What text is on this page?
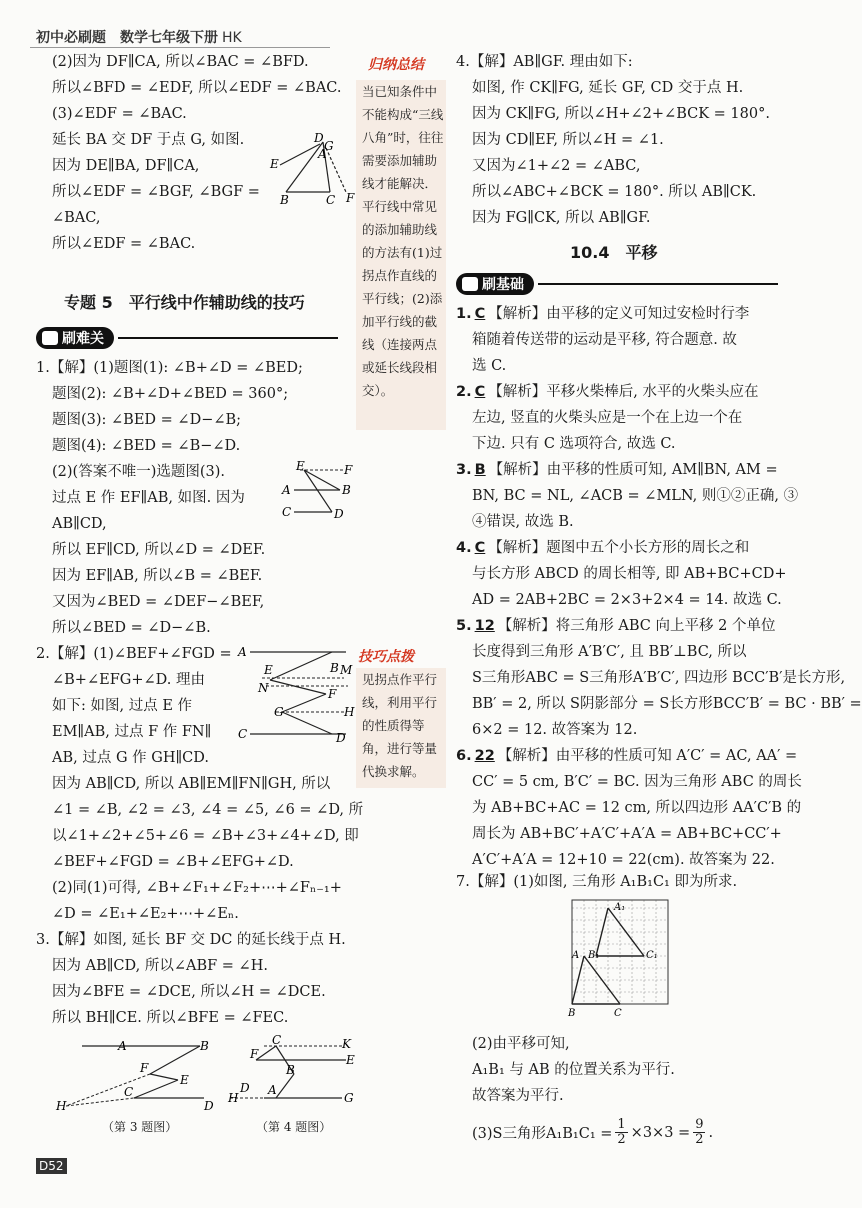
初中必刷题　数学七年级下册 HK
(2)因为 DF∥CA, 所以∠BAC = ∠BFD.
所以∠BFD = ∠EDF, 所以∠EDF = ∠BAC.
(3)∠EDF = ∠BAC.
延长 BA 交 DF 于点 G, 如图.
因为 DE∥BA, DF∥CA,
所以∠EDF = ∠BGF, ∠BGF =
∠BAC,
所以∠EDF = ∠BAC.
D
E
A
G
B	C F
专题 5　平行线中作辅助线的技巧
刷难关
1.【解】(1)题图(1): ∠B+∠D = ∠BED;
题图(2): ∠B+∠D+∠BED = 360°;
题图(3): ∠BED = ∠D−∠B;
题图(4): ∠BED = ∠B−∠D.
(2)(答案不唯一)选题图(3).
过点 E 作 EF∥AB, 如图. 因为
AB∥CD,
所以 EF∥CD, 所以∠D = ∠DEF.
因为 EF∥AB, 所以∠B = ∠BEF.
又因为∠BED = ∠DEF−∠BEF,
所以∠BED = ∠D−∠B.
E	F
A	B
C	D
2.【解】(1)∠BEF+∠FGD =
∠B+∠EFG+∠D. 理由
如下: 如图, 过点 E 作
EM∥AB, 过点 F 作 FN∥
AB, 过点 G 作 GH∥CD.
因为 AB∥CD, 所以 AB∥EM∥FN∥GH, 所以
∠1 = ∠B, ∠2 = ∠3, ∠4 = ∠5, ∠6 = ∠D, 所
以∠1+∠2+∠5+∠6 = ∠B+∠3+∠4+∠D, 即
∠BEF+∠FGD = ∠B+∠EFG+∠D.
(2)同(1)可得, ∠B+∠F₁+∠F₂+⋯+∠Fₙ₋₁+
∠D = ∠E₁+∠E₂+⋯+∠Eₙ.
A
B
E
N
M
F
G	H
C	D
3.【解】如图, 延长 BF 交 DC 的延长线于点 H.
因为 AB∥CD, 所以∠ABF = ∠H.
因为∠BFE = ∠DCE, 所以∠H = ∠DCE.
所以 BH∥CE. 所以∠BFE = ∠FEC.
A	B
F
E
C
D
H
C	K
F	E
B
A
D
H	G
（第 3 题图）	（第 4 题图）
D52
归纳总结
当已知条件中不能构成“三线八角”时，往往需要添加辅助线才能解决．平行线中常见的添加辅助线的方法有(1)过拐点作直线的平行线；(2)添加平行线的截线（连接两点或延长线段相交）。
技巧点拨
见拐点作平行线，利用平行的性质得等角，进行等量代换求解。
4.【解】AB∥GF. 理由如下:
如图, 作 CK∥FG, 延长 GF, CD 交于点 H.
因为 CK∥FG, 所以∠H+∠2+∠BCK = 180°.
因为 CD∥EF, 所以∠H = ∠1.
又因为∠1+∠2 = ∠ABC,
所以∠ABC+∠BCK = 180°. 所以 AB∥CK.
因为 FG∥CK, 所以 AB∥GF.
10.4　平移
刷基础
1. C 【解析】由平移的定义可知过安检时行李
箱随着传送带的运动是平移, 符合题意. 故
选 C.
2. C 【解析】平移火柴棒后, 水平的火柴头应在
左边, 竖直的火柴头应是一个在上边一个在
下边. 只有 C 选项符合, 故选 C.
3. B 【解析】由平移的性质可知, AM∥BN, AM =
BN, BC = NL, ∠ACB = ∠MLN, 则①②正确, ③
④错误, 故选 B.
4. C 【解析】题图中五个小长方形的周长之和
与长方形 ABCD 的周长相等, 即 AB+BC+CD+
AD = 2AB+2BC = 2×3+2×4 = 14. 故选 C.
5. 12 【解析】将三角形 ABC 向上平移 2 个单位
长度得到三角形 A′B′C′, 且 BB′⊥BC, 所以
S三角形ABC = S三角形A′B′C′, 四边形 BCC′B′是长方形,
BB′ = 2, 所以 S阴影部分 = S长方形BCC′B′ = BC · BB′ =
6×2 = 12. 故答案为 12.
6. 22 【解析】由平移的性质可知 A′C′ = AC, AA′ =
CC′ = 5 cm, B′C′ = BC. 因为三角形 ABC 的周长
为 AB+BC+AC = 12 cm, 所以四边形 AA′C′B 的
周长为 AB+BC′+A′C′+A′A = AB+BC+CC′+
A′C′+A′A = 12+10 = 22(cm). 故答案为 22.
7.【解】(1)如图, 三角形 A₁B₁C₁ 即为所求.
A₁
A B₁	C₁
B	C
(2)由平移可知,
A₁B₁ 与 AB 的位置关系为平行.
故答案为平行.
(3)S三角形$A_1B_1C_1 = \frac{1}{2} \times 3\times 3 = \frac{9}{2}$ .
